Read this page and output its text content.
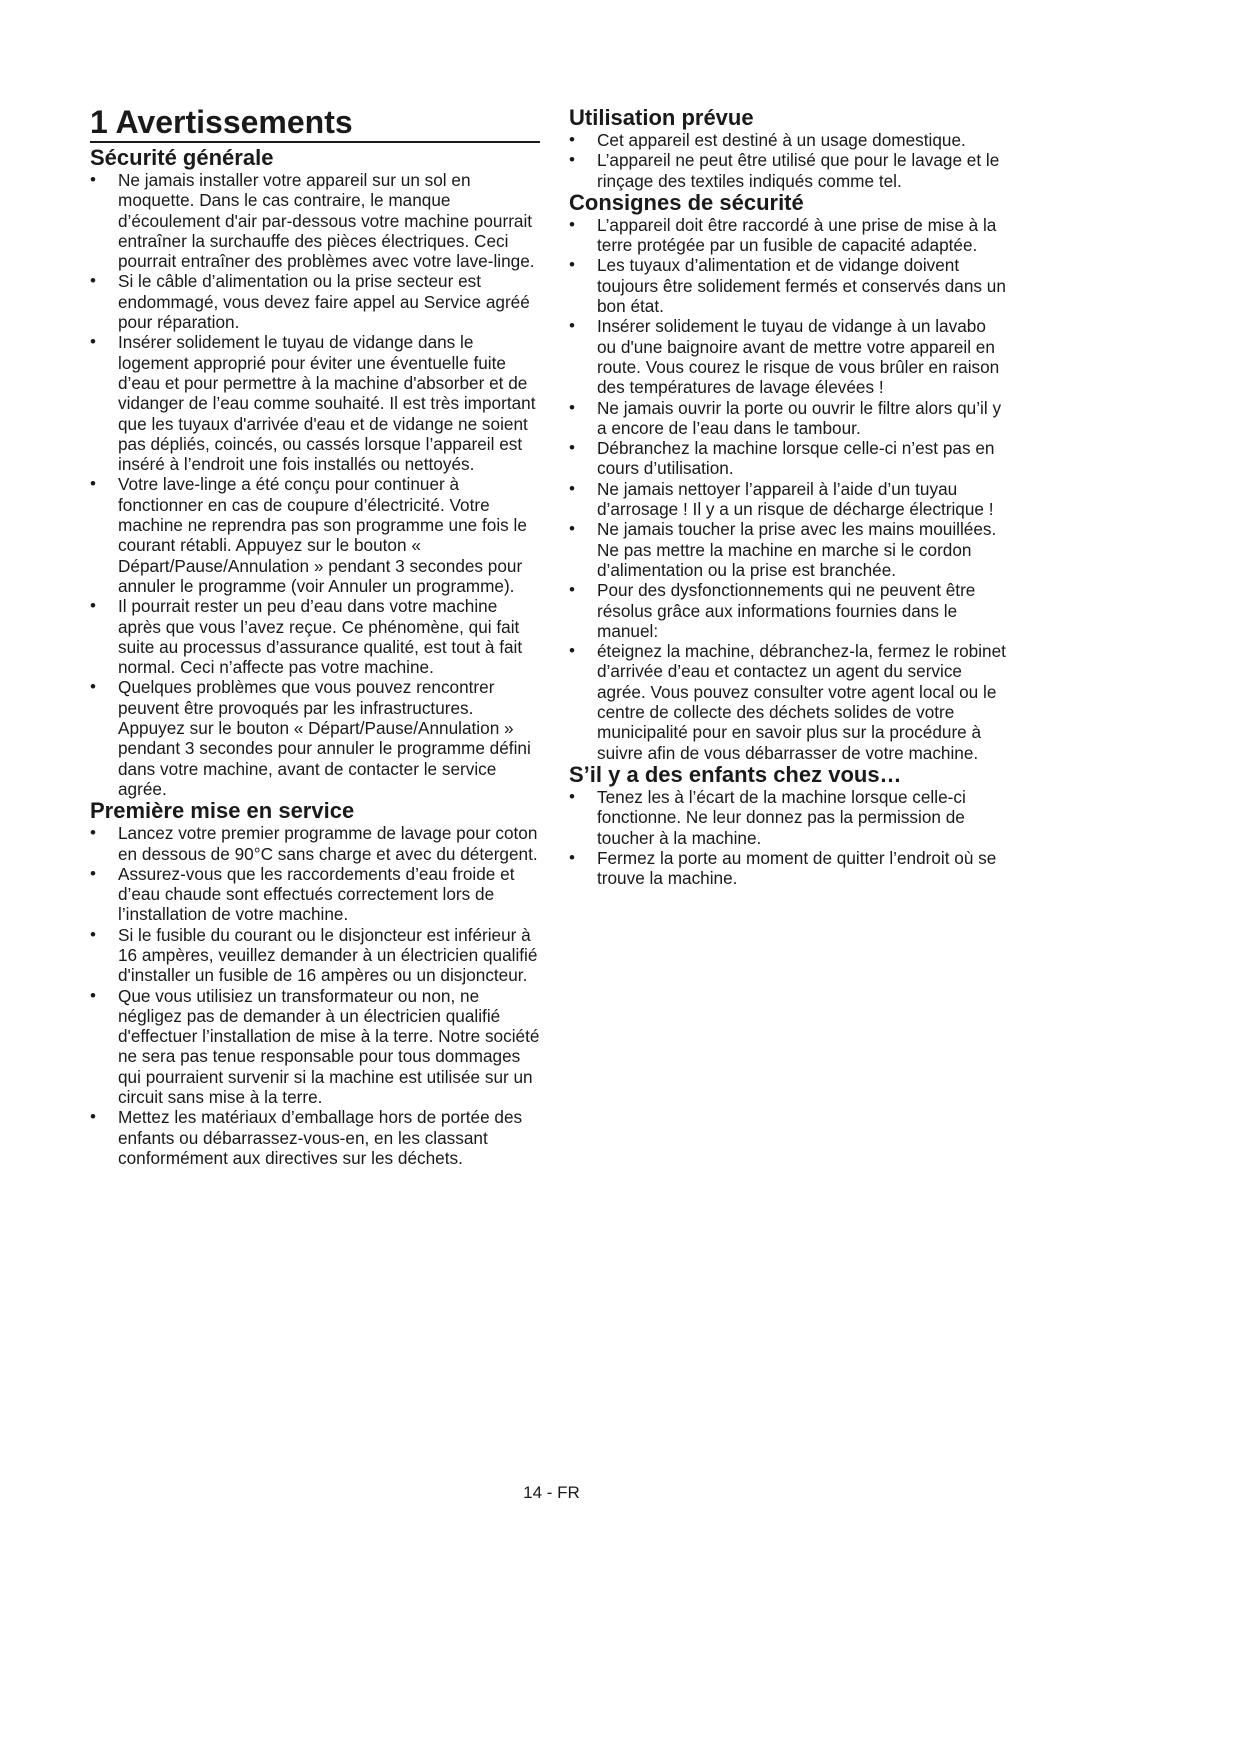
1 Avertissements
Sécurité générale
• Ne jamais installer votre appareil sur un sol en moquette. Dans le cas contraire, le manque d’écoulement d'air par-dessous votre machine pourrait entraîner la surchauffe des pièces électriques. Ceci pourrait entraîner des problèmes avec votre lave-linge.
• Si le câble d’alimentation ou la prise secteur est endommagé, vous devez faire appel au Service agréé pour réparation.
• Insérer solidement le tuyau de vidange dans le logement approprié pour éviter une éventuelle fuite d’eau et pour permettre à la machine d'absorber et de vidanger de l’eau comme souhaité. Il est très important que les tuyaux d'arrivée d'eau et de vidange ne soient pas dépliés, coincés, ou cassés lorsque l’appareil est inséré à l’endroit une fois installés ou nettoyés.
• Votre lave-linge a été conçu pour continuer à fonctionner en cas de coupure d’électricité. Votre machine ne reprendra pas son programme une fois le courant rétabli. Appuyez sur le bouton « Départ/Pause/Annulation » pendant 3 secondes pour annuler le programme (voir Annuler un programme).
• Il pourrait rester un peu d’eau dans votre machine après que vous l’avez reçue. Ce phénomène, qui fait suite au processus d’assurance qualité, est tout à fait normal. Ceci n’affecte pas votre machine.
• Quelques problèmes que vous pouvez rencontrer peuvent être provoqués par les infrastructures. Appuyez sur le bouton « Départ/Pause/Annulation » pendant 3 secondes pour annuler le programme défini dans votre machine, avant de contacter le service agrée.
Première mise en service
• Lancez votre premier programme de lavage pour coton en dessous de 90°C sans charge et avec du détergent.
• Assurez-vous que les raccordements d’eau froide et d’eau chaude sont effectués correctement lors de l’installation de votre machine.
• Si le fusible du courant ou le disjoncteur est inférieur à 16 ampères, veuillez demander à un électricien qualifié d'installer un fusible de 16 ampères ou un disjoncteur.
• Que vous utilisiez un transformateur ou non, ne négligez pas de demander à un électricien qualifié d'effectuer l’installation de mise à la terre. Notre société ne sera pas tenue responsable pour tous dommages qui pourraient survenir si la machine est utilisée sur un circuit sans mise à la terre.
• Mettez les matériaux d’emballage hors de portée des enfants ou débarrassez-vous-en, en les classant conformément aux directives sur les déchets.
Utilisation prévue
• Cet appareil est destiné à un usage domestique.
• L’appareil ne peut être utilisé que pour le lavage et le rinçage des textiles indiqués comme tel.
Consignes de sécurité
• L’appareil doit être raccordé à une prise de mise à la terre protégée par un fusible de capacité adaptée.
• Les tuyaux d’alimentation et de vidange doivent toujours être solidement fermés et conservés dans un bon état.
• Insérer solidement le tuyau de vidange à un lavabo ou d'une baignoire avant de mettre votre appareil en route. Vous courez le risque de vous brûler en raison des températures de lavage élevées !
• Ne jamais ouvrir la porte ou ouvrir le filtre alors qu’il y a encore de l’eau dans le tambour.
• Débranchez la machine lorsque celle-ci n’est pas en cours d’utilisation.
• Ne jamais nettoyer l’appareil à l’aide d’un tuyau d’arrosage ! Il y a un risque de décharge électrique !
• Ne jamais toucher la prise avec les mains mouillées. Ne pas mettre la machine en marche si le cordon d’alimentation ou la prise est branchée.
• Pour des dysfonctionnements qui ne peuvent être résolus grâce aux informations fournies dans le manuel:
• éteignez la machine, débranchez-la, fermez le robinet d’arrivée d’eau et contactez un agent du service agrée. Vous pouvez consulter votre agent local ou le centre de collecte des déchets solides de votre municipalité pour en savoir plus sur la procédure à suivre afin de vous débarrasser de votre machine.
S’il y a des enfants chez vous…
• Tenez les à l’écart de la machine lorsque celle-ci fonctionne. Ne leur donnez pas la permission de toucher à la machine.
• Fermez la porte au moment de quitter l’endroit où se trouve la machine.
14 - FR
